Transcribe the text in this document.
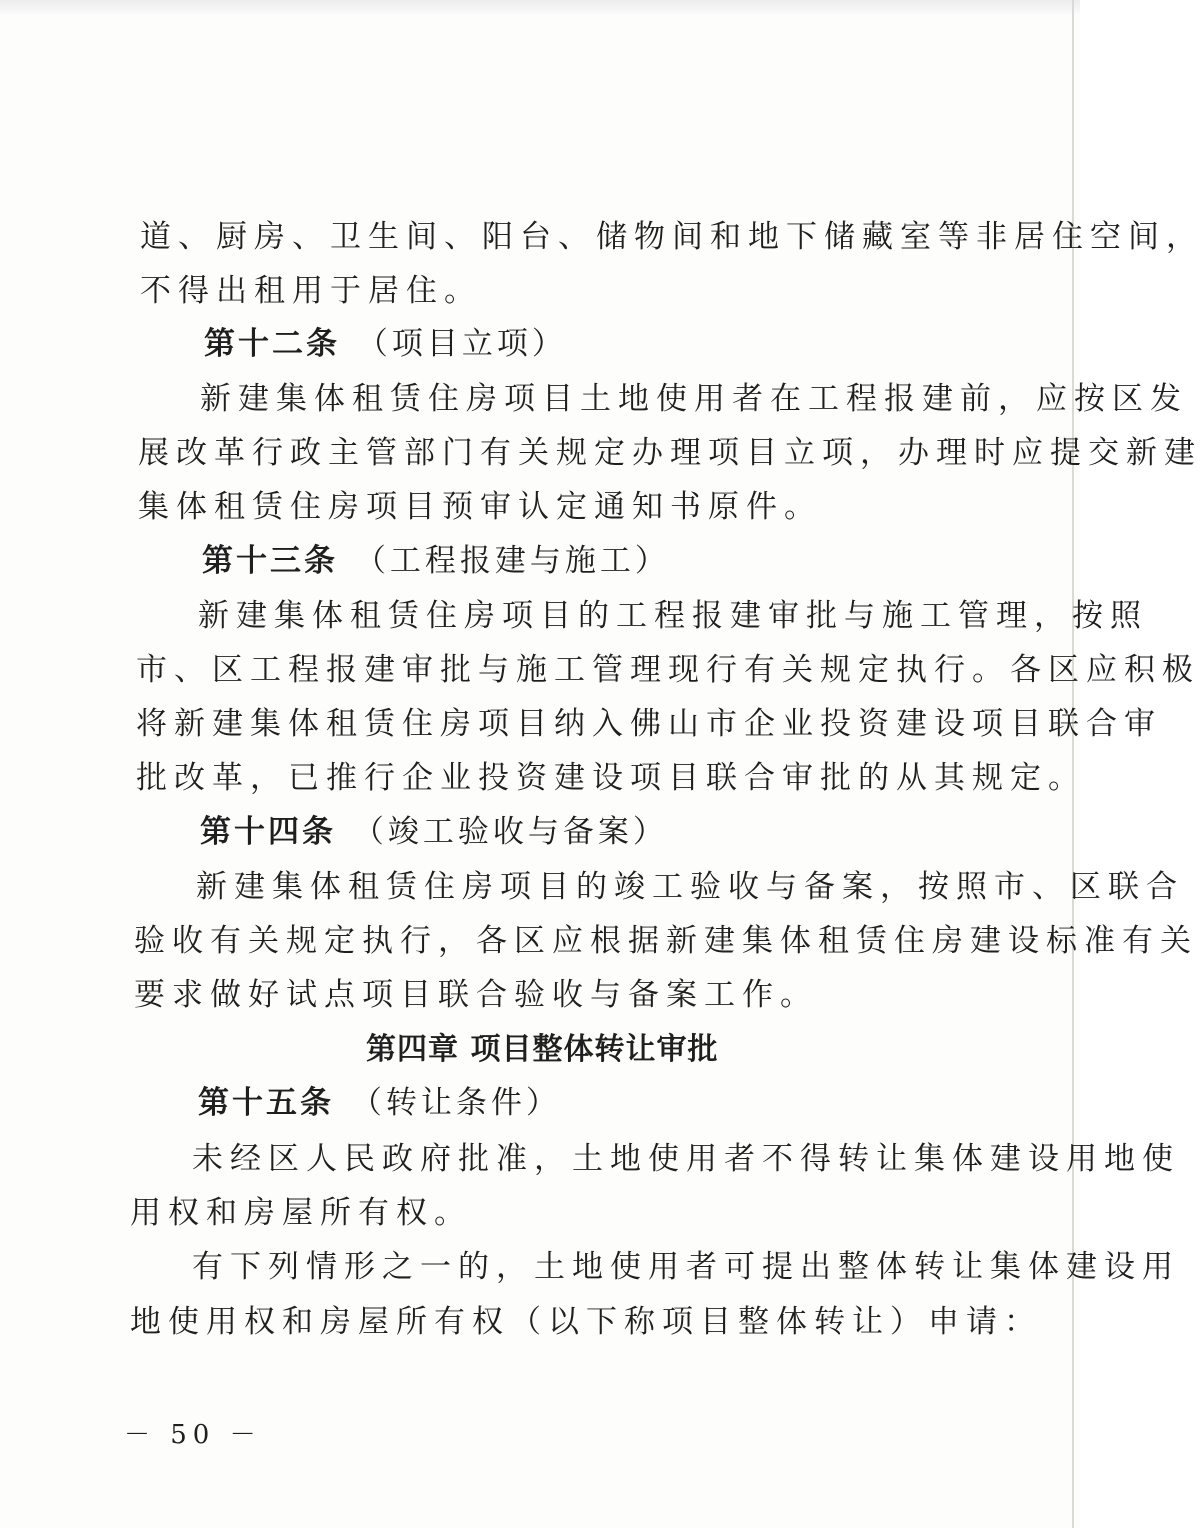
道、厨房、卫生间、阳台、储物间和地下储藏室等非居住空间，
不得出租用于居住。
第十二条 （项目立项）
新建集体租赁住房项目土地使用者在工程报建前，应按区发
展改革行政主管部门有关规定办理项目立项，办理时应提交新建
集体租赁住房项目预审认定通知书原件。
第十三条 （工程报建与施工）
新建集体租赁住房项目的工程报建审批与施工管理，按照
市、区工程报建审批与施工管理现行有关规定执行。各区应积极
将新建集体租赁住房项目纳入佛山市企业投资建设项目联合审
批改革，已推行企业投资建设项目联合审批的从其规定。
第十四条 （竣工验收与备案）
新建集体租赁住房项目的竣工验收与备案，按照市、区联合
验收有关规定执行，各区应根据新建集体租赁住房建设标准有关
要求做好试点项目联合验收与备案工作。
第四章 项目整体转让审批
第十五条 （转让条件）
未经区人民政府批准，土地使用者不得转让集体建设用地使
用权和房屋所有权。
有下列情形之一的，土地使用者可提出整体转让集体建设用
地使用权和房屋所有权（以下称项目整体转让）申请：
－ 50 －
